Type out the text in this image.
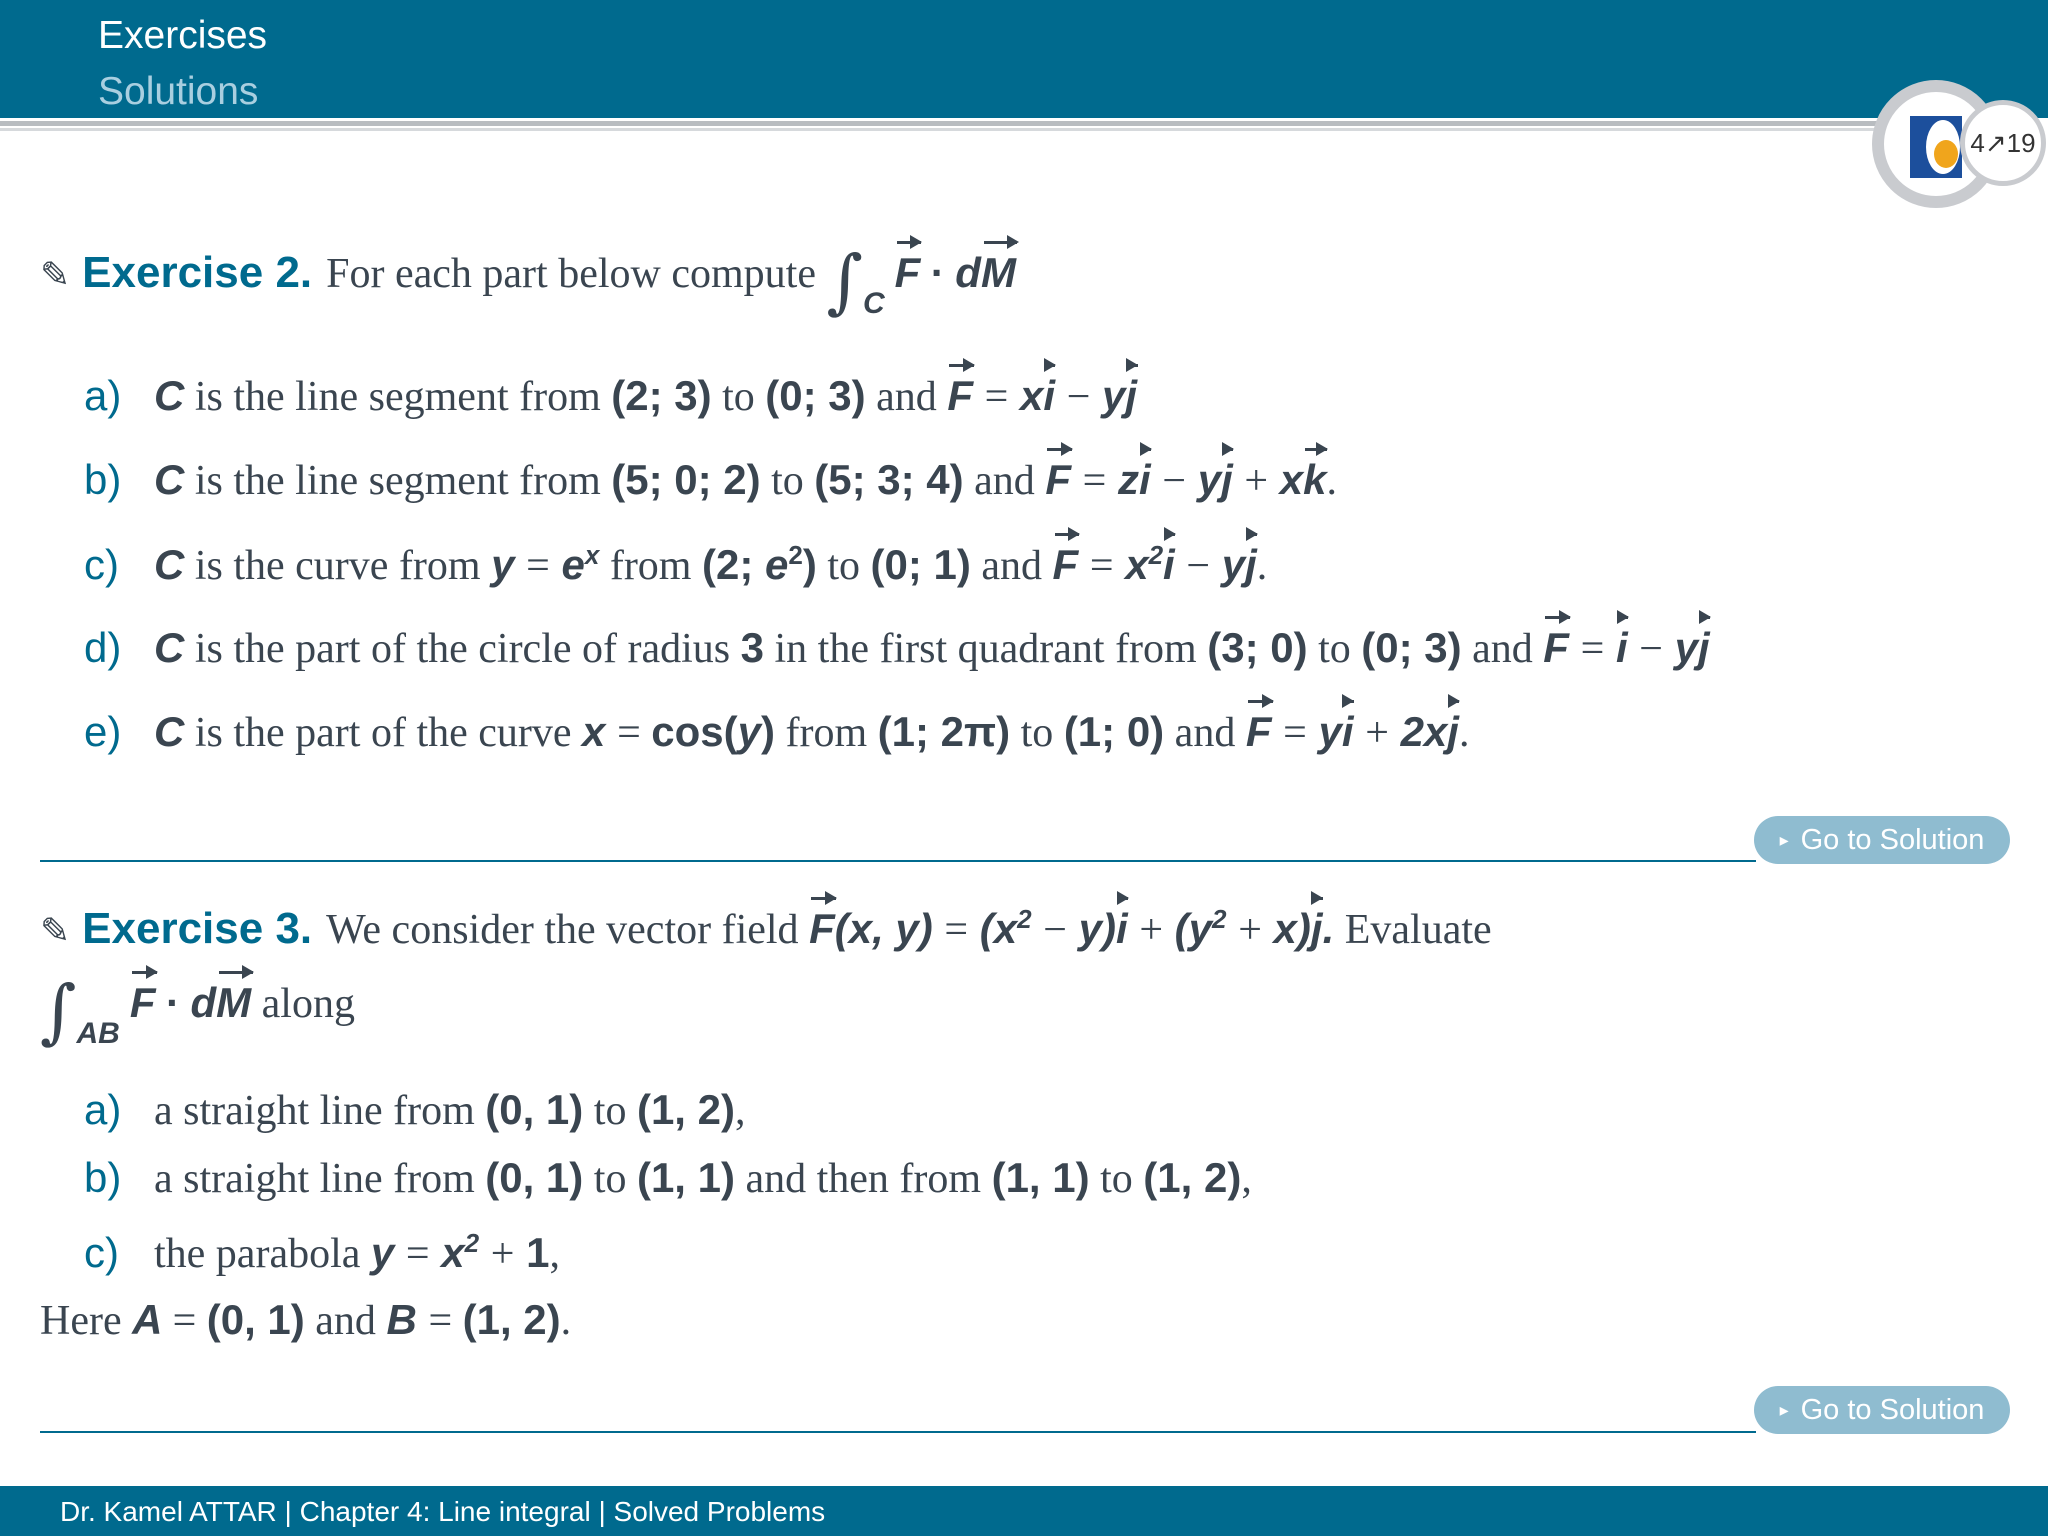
Exercises
Solutions
4↗19
✎ Exercise 2. For each part below compute $\int_CF$ · dM
a) C is the line segment from (2; 3) to (0; 3) and F = xi − yj
b) C is the line segment from (5; 0; 2) to (5; 3; 4) and F = zi − yj + xk.
c) C is the curve from $y = e^x$ from (2; $e^2$) to (0; 1) and $F = x^2i$ − yj.
d) C is the part of the circle of radius 3 in the first quadrant from (3; 0) to (0; 3) and F = i − yj
e) C is the part of the curve x = cos(y) from (1; 2π) to (1; 0) and F = yi + 2xj.
▸ Go to Solution
✎ Exercise 3. We consider the vector field F(x, $y) = (x^2 - y)i + (y^2 + x)j$. Evaluate
$\int_{AB}F$ · dM along
a) a straight line from (0, 1) to (1, 2),
b) a straight line from (0, 1) to (1, 1) and then from (1, 1) to (1, 2),
c) the parabola $y = x^2 + 1$,
Here A = (0, 1) and B = (1, 2).
▸ Go to Solution
Dr. Kamel ATTAR | Chapter 4: Line integral | Solved Problems
